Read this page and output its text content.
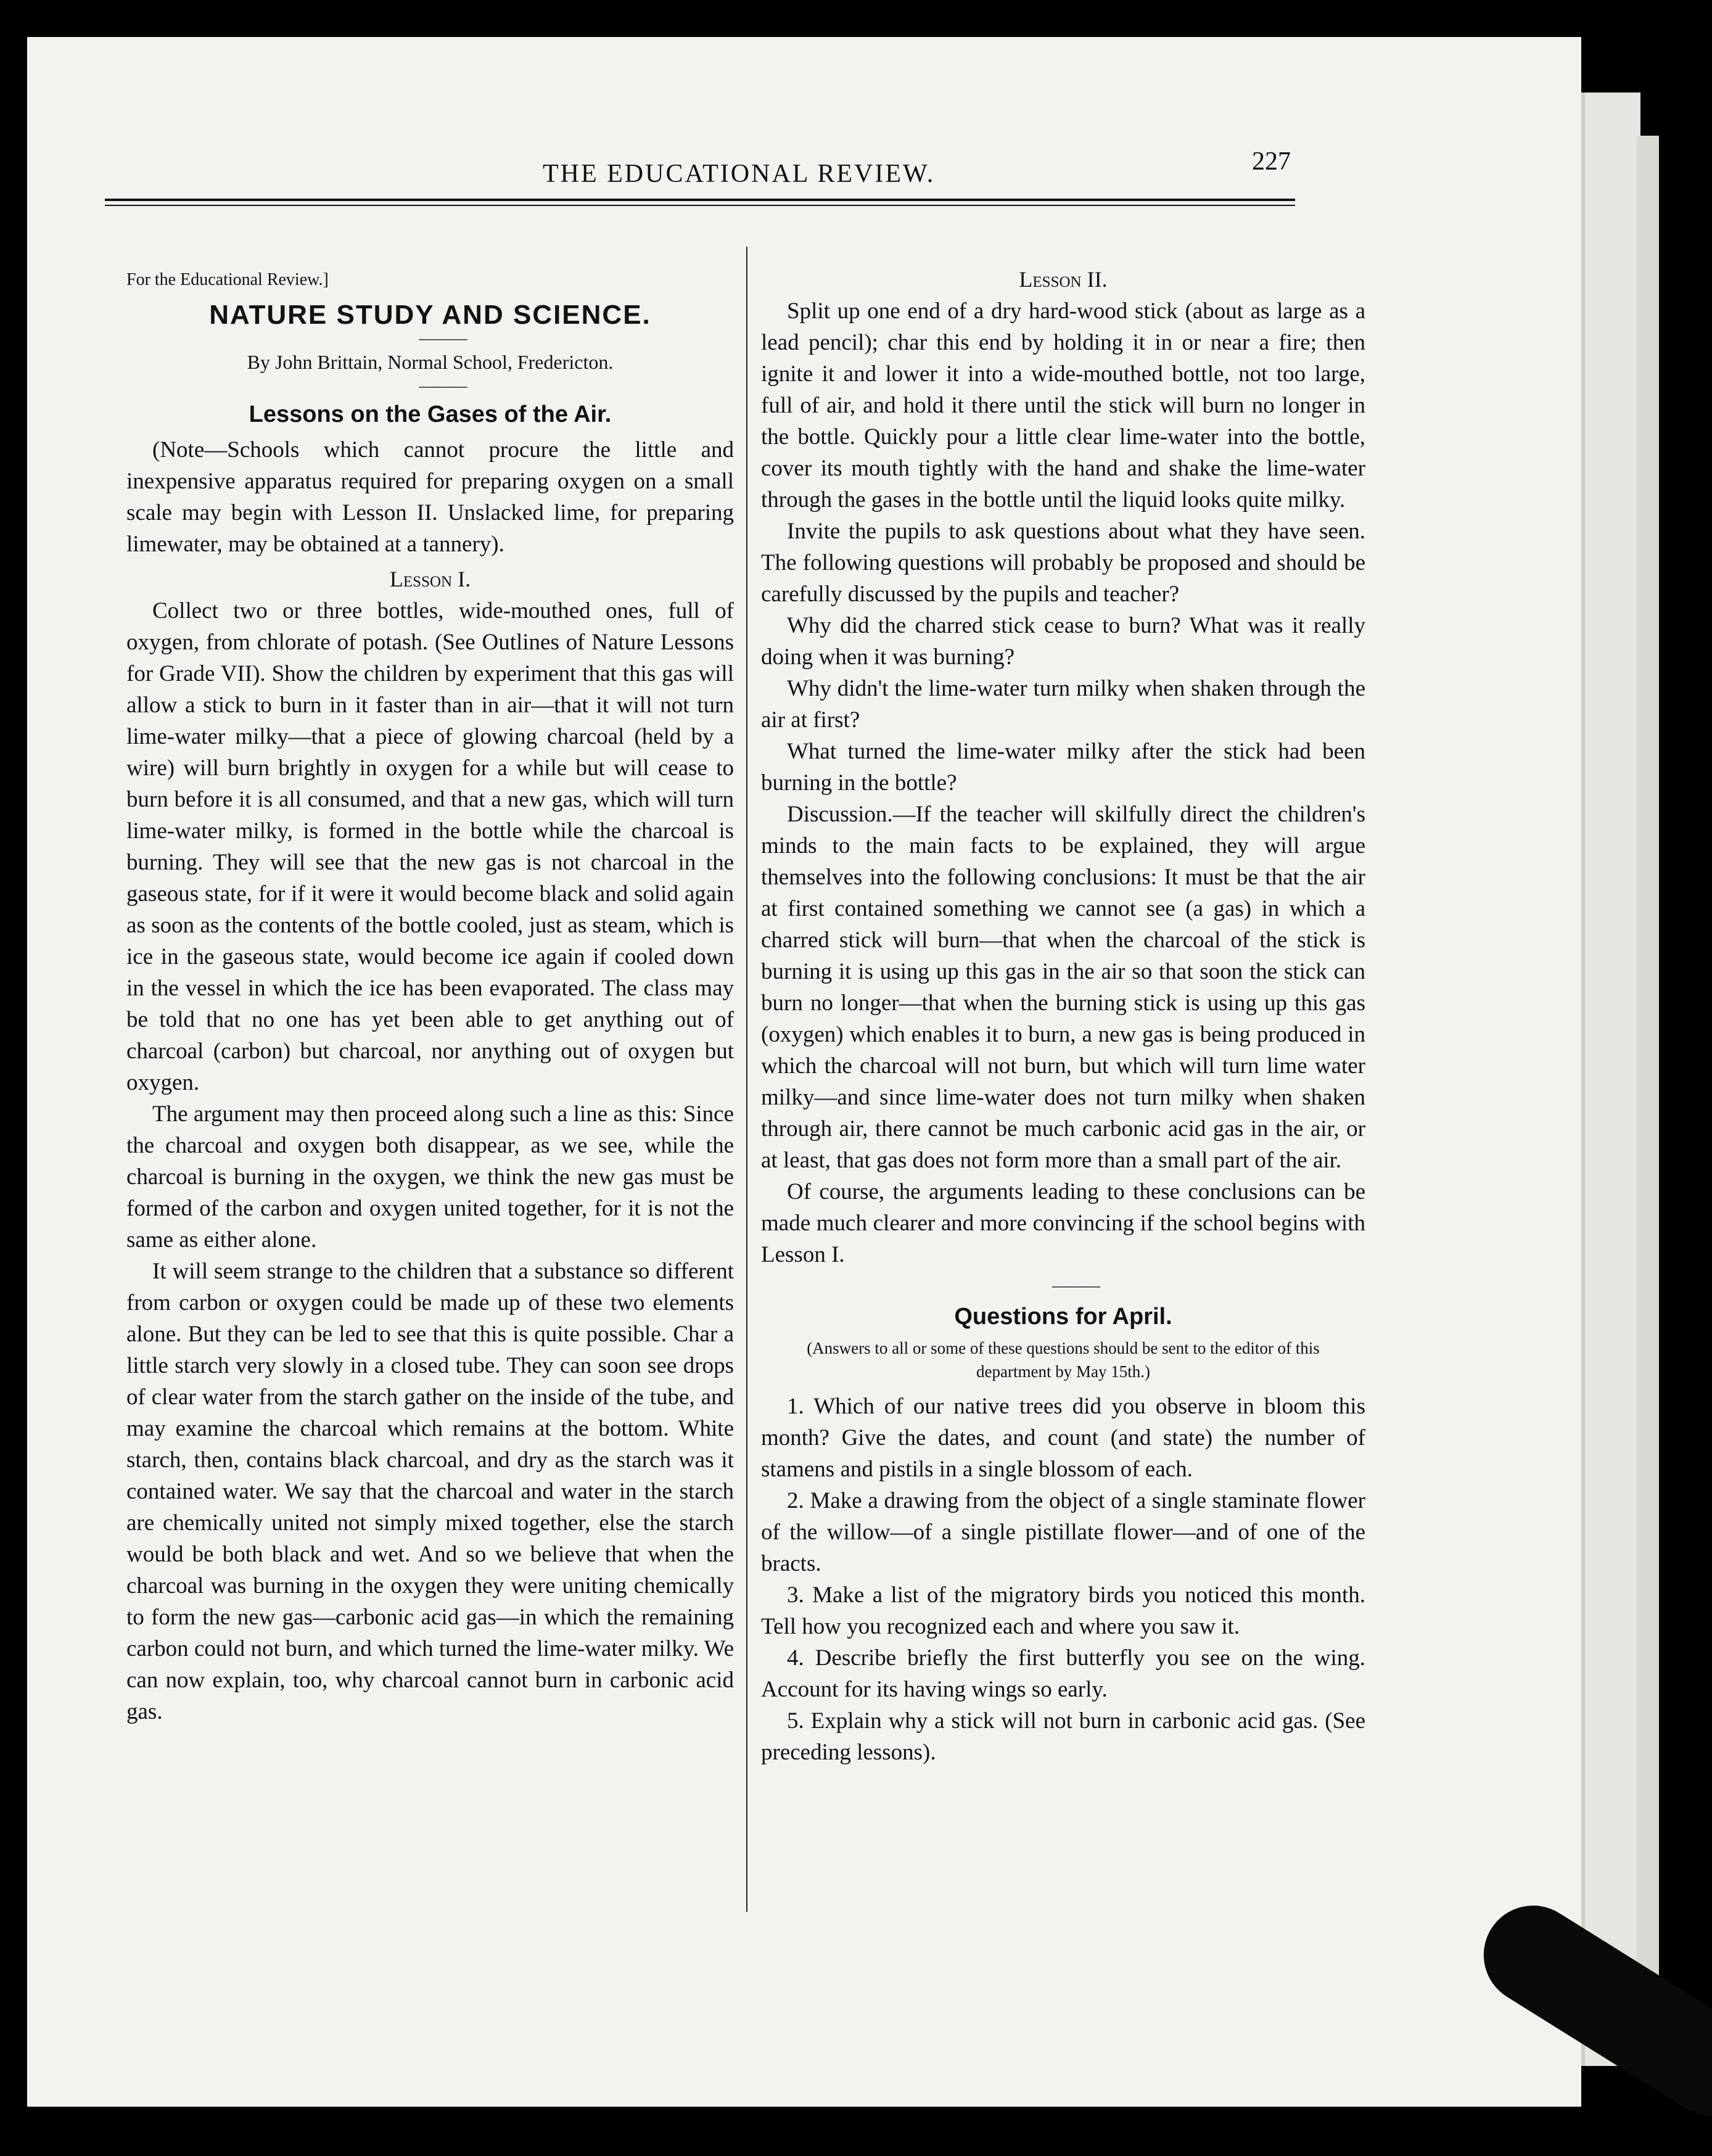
THE EDUCATIONAL REVIEW.	227

For the Educational Review.]

NATURE STUDY AND SCIENCE.

———

By John Brittain, Normal School, Fredericton.

———

Lessons on the Gases of the Air.

(Note—Schools which cannot procure the little and inexpensive apparatus required for preparing oxygen on a small scale may begin with Lesson II. Unslacked lime, for preparing limewater, may be obtained at a tannery).

Lesson I.

Collect two or three bottles, wide-mouthed ones, full of oxygen, from chlorate of potash. (See Outlines of Nature Lessons for Grade VII). Show the children by experiment that this gas will allow a stick to burn in it faster than in air—that it will not turn lime-water milky—that a piece of glowing charcoal (held by a wire) will burn brightly in oxygen for a while but will cease to burn before it is all consumed, and that a new gas, which will turn lime-water milky, is formed in the bottle while the charcoal is burning. They will see that the new gas is not charcoal in the gaseous state, for if it were it would become black and solid again as soon as the contents of the bottle cooled, just as steam, which is ice in the gaseous state, would become ice again if cooled down in the vessel in which the ice has been evaporated. The class may be told that no one has yet been able to get anything out of charcoal (carbon) but charcoal, nor anything out of oxygen but oxygen.

The argument may then proceed along such a line as this: Since the charcoal and oxygen both disappear, as we see, while the charcoal is burning in the oxygen, we think the new gas must be formed of the carbon and oxygen united together, for it is not the same as either alone.

It will seem strange to the children that a substance so different from carbon or oxygen could be made up of these two elements alone. But they can be led to see that this is quite possible. Char a little starch very slowly in a closed tube. They can soon see drops of clear water from the starch gather on the inside of the tube, and may examine the charcoal which remains at the bottom. White starch, then, contains black charcoal, and dry as the starch was it contained water. We say that the charcoal and water in the starch are chemically united not simply mixed together, else the starch would be both black and wet. And so we believe that when the charcoal was burning in the oxygen they were uniting chemically to form the new gas—carbonic acid gas—in which the remaining carbon could not burn, and which turned the lime-water milky. We can now explain, too, why charcoal cannot burn in carbonic acid gas.

Lesson II.

Split up one end of a dry hard-wood stick (about as large as a lead pencil); char this end by holding it in or near a fire; then ignite it and lower it into a wide-mouthed bottle, not too large, full of air, and hold it there until the stick will burn no longer in the bottle. Quickly pour a little clear lime-water into the bottle, cover its mouth tightly with the hand and shake the lime-water through the gases in the bottle until the liquid looks quite milky.

Invite the pupils to ask questions about what they have seen. The following questions will probably be proposed and should be carefully discussed by the pupils and teacher?

Why did the charred stick cease to burn? What was it really doing when it was burning?

Why didn't the lime-water turn milky when shaken through the air at first?

What turned the lime-water milky after the stick had been burning in the bottle?

Discussion.—If the teacher will skilfully direct the children's minds to the main facts to be explained, they will argue themselves into the following conclusions: It must be that the air at first contained something we cannot see (a gas) in which a charred stick will burn—that when the charcoal of the stick is burning it is using up this gas in the air so that soon the stick can burn no longer—that when the burning stick is using up this gas (oxygen) which enables it to burn, a new gas is being produced in which the charcoal will not burn, but which will turn lime water milky—and since lime-water does not turn milky when shaken through air, there cannot be much carbonic acid gas in the air, or at least, that gas does not form more than a small part of the air.

Of course, the arguments leading to these conclusions can be made much clearer and more convincing if the school begins with Lesson I.

———

Questions for April.

(Answers to all or some of these questions should be sent to the editor of this department by May 15th.)

1. Which of our native trees did you observe in bloom this month? Give the dates, and count (and state) the number of stamens and pistils in a single blossom of each.

2. Make a drawing from the object of a single staminate flower of the willow—of a single pistillate flower—and of one of the bracts.

3. Make a list of the migratory birds you noticed this month. Tell how you recognized each and where you saw it.

4. Describe briefly the first butterfly you see on the wing. Account for its having wings so early.

5. Explain why a stick will not burn in carbonic acid gas. (See preceding lessons).
